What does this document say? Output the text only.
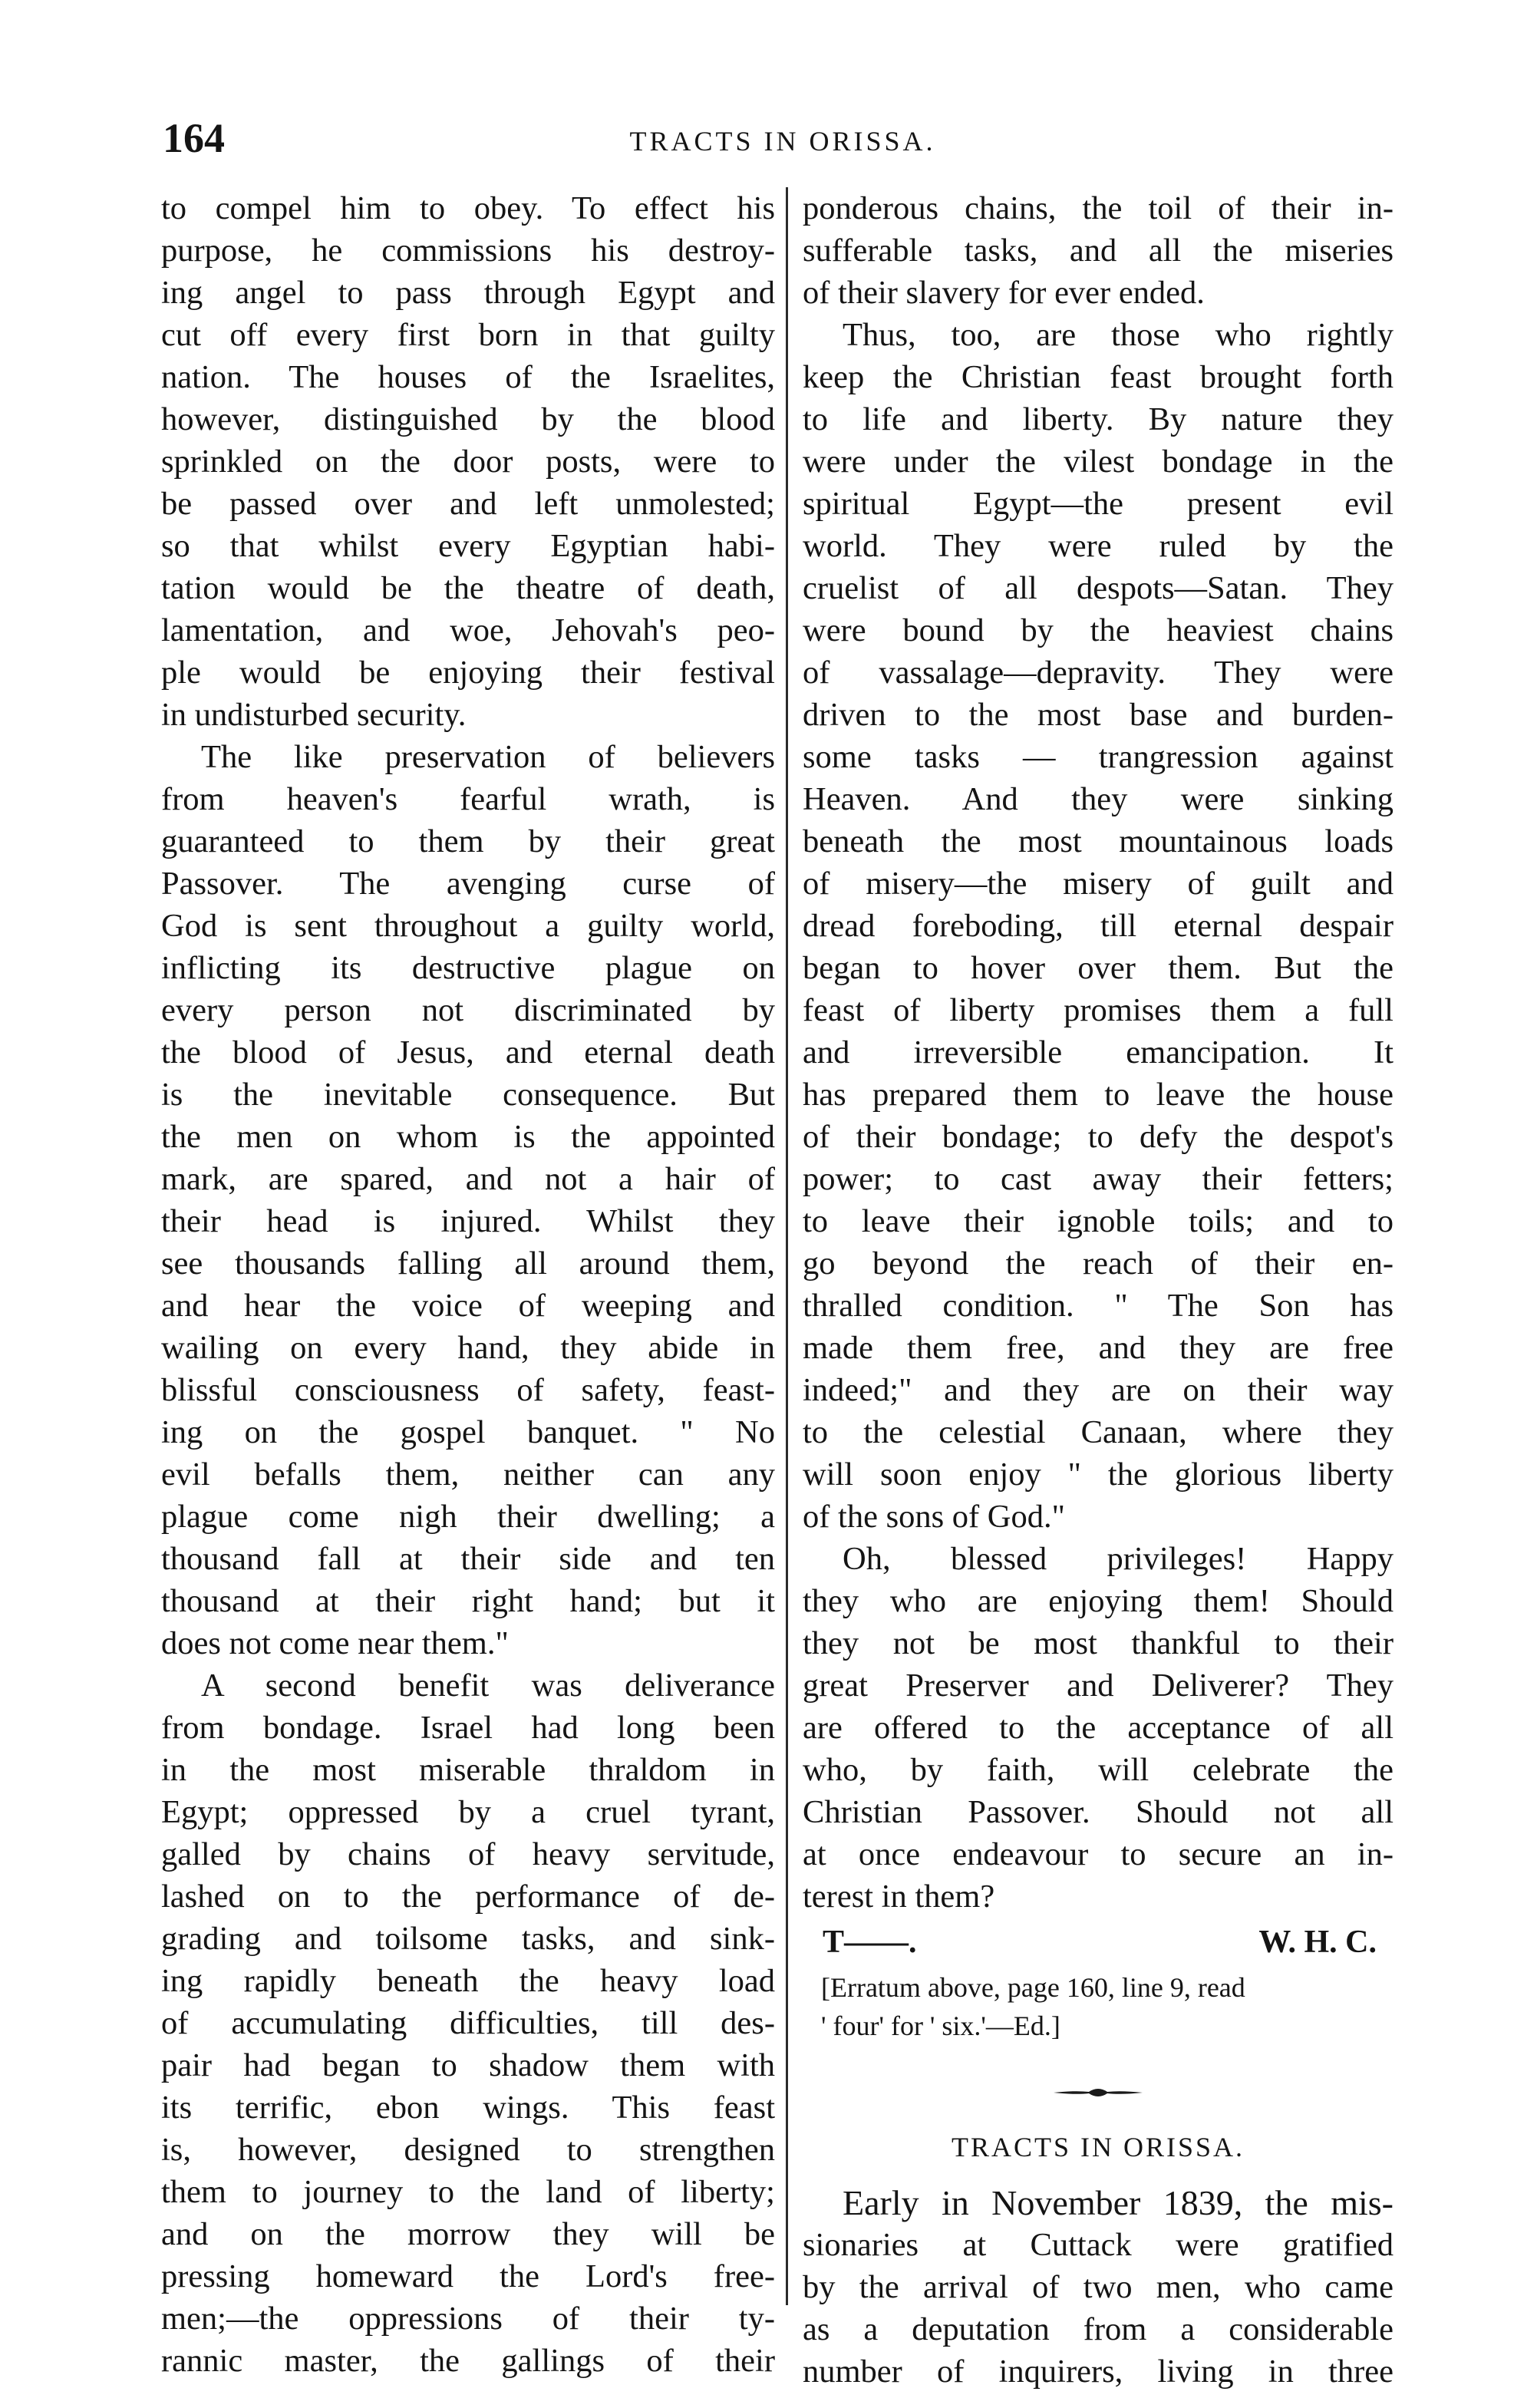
164	TRACTS IN ORISSA.
to compel him to obey. To effect his
purpose, he commissions his destroy-
ing angel to pass through Egypt and
cut off every first born in that guilty
nation. The houses of the Israelites,
however, distinguished by the blood
sprinkled on the door posts, were to
be passed over and left unmolested;
so that whilst every Egyptian habi-
tation would be the theatre of death,
lamentation, and woe, Jehovah's peo-
ple would be enjoying their festival
in undisturbed security.
The like preservation of believers
from heaven's fearful wrath, is
guaranteed to them by their great
Passover. The avenging curse of
God is sent throughout a guilty world,
inflicting its destructive plague on
every person not discriminated by
the blood of Jesus, and eternal death
is the inevitable consequence. But
the men on whom is the appointed
mark, are spared, and not a hair of
their head is injured. Whilst they
see thousands falling all around them,
and hear the voice of weeping and
wailing on every hand, they abide in
blissful consciousness of safety, feast-
ing on the gospel banquet. " No
evil befalls them, neither can any
plague come nigh their dwelling; a
thousand fall at their side and ten
thousand at their right hand; but it
does not come near them."
A second benefit was deliverance
from bondage. Israel had long been
in the most miserable thraldom in
Egypt; oppressed by a cruel tyrant,
galled by chains of heavy servitude,
lashed on to the performance of de-
grading and toilsome tasks, and sink-
ing rapidly beneath the heavy load
of accumulating difficulties, till des-
pair had began to shadow them with
its terrific, ebon wings. This feast
is, however, designed to strengthen
them to journey to the land of liberty;
and on the morrow they will be
pressing homeward the Lord's free-
men;—the oppressions of their ty-
rannic master, the gallings of their
ponderous chains, the toil of their in-
sufferable tasks, and all the miseries
of their slavery for ever ended.
Thus, too, are those who rightly
keep the Christian feast brought forth
to life and liberty. By nature they
were under the vilest bondage in the
spiritual Egypt—the present evil
world. They were ruled by the
cruelist of all despots—Satan. They
were bound by the heaviest chains
of vassalage—depravity. They were
driven to the most base and burden-
some tasks — trangression against
Heaven. And they were sinking
beneath the most mountainous loads
of misery—the misery of guilt and
dread foreboding, till eternal despair
began to hover over them. But the
feast of liberty promises them a full
and irreversible emancipation. It
has prepared them to leave the house
of their bondage; to defy the despot's
power; to cast away their fetters;
to leave their ignoble toils; and to
go beyond the reach of their en-
thralled condition. " The Son has
made them free, and they are free
indeed;" and they are on their way
to the celestial Canaan, where they
will soon enjoy " the glorious liberty
of the sons of God."
Oh, blessed privileges! Happy
they who are enjoying them! Should
they not be most thankful to their
great Preserver and Deliverer? They
are offered to the acceptance of all
who, by faith, will celebrate the
Christian Passover. Should not all
at once endeavour to secure an in-
terest in them?
T——.	W. H. C.
[Erratum above, page 160, line 9, read
' four' for ' six.'—Ed.]
TRACTS IN ORISSA.
Early in November 1839, the mis-
sionaries at Cuttack were gratified
by the arrival of two men, who came
as a deputation from a considerable
number of inquirers, living in three
